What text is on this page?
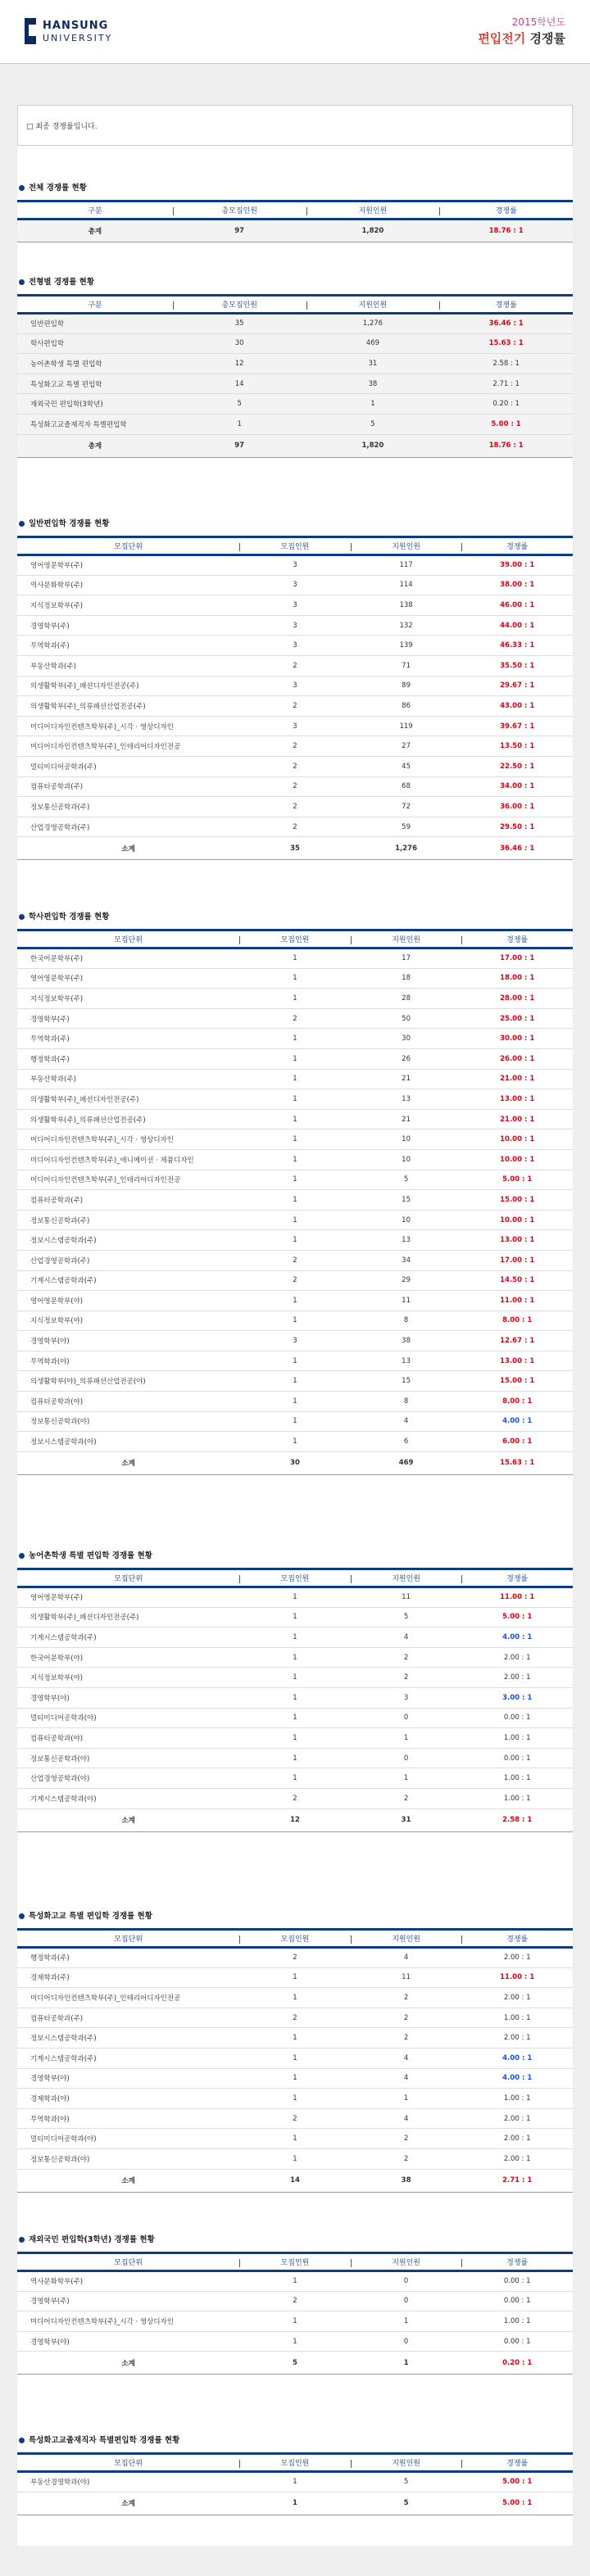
HANSUNG
UNIVERSITY
2015학년도
편입전기 경쟁률
□ 최종 경쟁률입니다.
전체 경쟁률 현황
구분	총모집인원	지원인원	경쟁률
총계	97	1,820	18.76 : 1
전형별 경쟁률 현황
구분	총모집인원	지원인원	경쟁률
일반편입학	35	1,276	36.46 : 1
학사편입학	30	469	15.63 : 1
농어촌학생 특별 편입학	12	31	2.58 : 1
특성화고교 특별 편입학	14	38	2.71 : 1
재외국민 편입학(3학년)	5	1	0.20 : 1
특성화고교졸재직자 특별편입학	1	5	5.00 : 1
총계	97	1,820	18.76 : 1
일반편입학 경쟁률 현황
모집단위	모집인원	지원인원	경쟁률
영어영문학부(주)	3	117	39.00 : 1
역사문화학부(주)	3	114	38.00 : 1
지식정보학부(주)	3	138	46.00 : 1
경영학부(주)	3	132	44.00 : 1
무역학과(주)	3	139	46.33 : 1
부동산학과(주)	2	71	35.50 : 1
의생활학부(주)_패션디자인전공(주)	3	89	29.67 : 1
의생활학부(주)_의류패션산업전공(주)	2	86	43.00 : 1
미디어디자인컨텐츠학부(주)_시각 · 영상디자인	3	119	39.67 : 1
미디어디자인컨텐츠학부(주)_인테리어디자인전공	2	27	13.50 : 1
멀티미디어공학과(주)	2	45	22.50 : 1
컴퓨터공학과(주)	2	68	34.00 : 1
정보통신공학과(주)	2	72	36.00 : 1
산업경영공학과(주)	2	59	29.50 : 1
소계	35	1,276	36.46 : 1
학사편입학 경쟁률 현황
모집단위	모집인원	지원인원	경쟁률
한국어문학부(주)	1	17	17.00 : 1
영어영문학부(주)	1	18	18.00 : 1
지식정보학부(주)	1	28	28.00 : 1
경영학부(주)	2	50	25.00 : 1
무역학과(주)	1	30	30.00 : 1
행정학과(주)	1	26	26.00 : 1
부동산학과(주)	1	21	21.00 : 1
의생활학부(주)_패션디자인전공(주)	1	13	13.00 : 1
의생활학부(주)_의류패션산업전공(주)	1	21	21.00 : 1
미디어디자인컨텐츠학부(주)_시각 · 영상디자인	1	10	10.00 : 1
미디어디자인컨텐츠학부(주)_애니메이션 · 제품디자인	1	10	10.00 : 1
미디어디자인컨텐츠학부(주)_인테리어디자인전공	1	5	5.00 : 1
컴퓨터공학과(주)	1	15	15.00 : 1
정보통신공학과(주)	1	10	10.00 : 1
정보시스템공학과(주)	1	13	13.00 : 1
산업경영공학과(주)	2	34	17.00 : 1
기계시스템공학과(주)	2	29	14.50 : 1
영어영문학부(야)	1	11	11.00 : 1
지식정보학부(야)	1	8	8.00 : 1
경영학부(야)	3	38	12.67 : 1
무역학과(야)	1	13	13.00 : 1
의생활학부(야)_의류패션산업전공(야)	1	15	15.00 : 1
컴퓨터공학과(야)	1	8	8.00 : 1
정보통신공학과(야)	1	4	4.00 : 1
정보시스템공학과(야)	1	6	6.00 : 1
소계	30	469	15.63 : 1
농어촌학생 특별 편입학 경쟁률 현황
모집단위	모집인원	지원인원	경쟁률
영어영문학부(주)	1	11	11.00 : 1
의생활학부(주)_패션디자인전공(주)	1	5	5.00 : 1
기계시스템공학과(주)	1	4	4.00 : 1
한국어문학부(야)	1	2	2.00 : 1
지식정보학부(야)	1	2	2.00 : 1
경영학부(야)	1	3	3.00 : 1
멀티미디어공학과(야)	1	0	0.00 : 1
컴퓨터공학과(야)	1	1	1.00 : 1
정보통신공학과(야)	1	0	0.00 : 1
산업경영공학과(야)	1	1	1.00 : 1
기계시스템공학과(야)	2	2	1.00 : 1
소계	12	31	2.58 : 1
특성화고교 특별 편입학 경쟁률 현황
모집단위	모집인원	지원인원	경쟁률
행정학과(주)	2	4	2.00 : 1
경제학과(주)	1	11	11.00 : 1
미디어디자인컨텐츠학부(주)_인테리어디자인전공	1	2	2.00 : 1
컴퓨터공학과(주)	2	2	1.00 : 1
정보시스템공학과(주)	1	2	2.00 : 1
기계시스템공학과(주)	1	4	4.00 : 1
경영학부(야)	1	4	4.00 : 1
경제학과(야)	1	1	1.00 : 1
무역학과(야)	2	4	2.00 : 1
멀티미디어공학과(야)	1	2	2.00 : 1
정보통신공학과(야)	1	2	2.00 : 1
소계	14	38	2.71 : 1
재외국민 편입학(3학년) 경쟁률 현황
모집단위	모집인원	지원인원	경쟁률
역사문화학부(주)	1	0	0.00 : 1
경영학부(주)	2	0	0.00 : 1
미디어디자인컨텐츠학부(주)_시각 · 영상디자인	1	1	1.00 : 1
경영학부(야)	1	0	0.00 : 1
소계	5	1	0.20 : 1
특성화고교졸재직자 특별편입학 경쟁률 현황
모집단위	모집인원	지원인원	경쟁률
부동산경영학과(야)	1	5	5.00 : 1
소계	1	5	5.00 : 1
